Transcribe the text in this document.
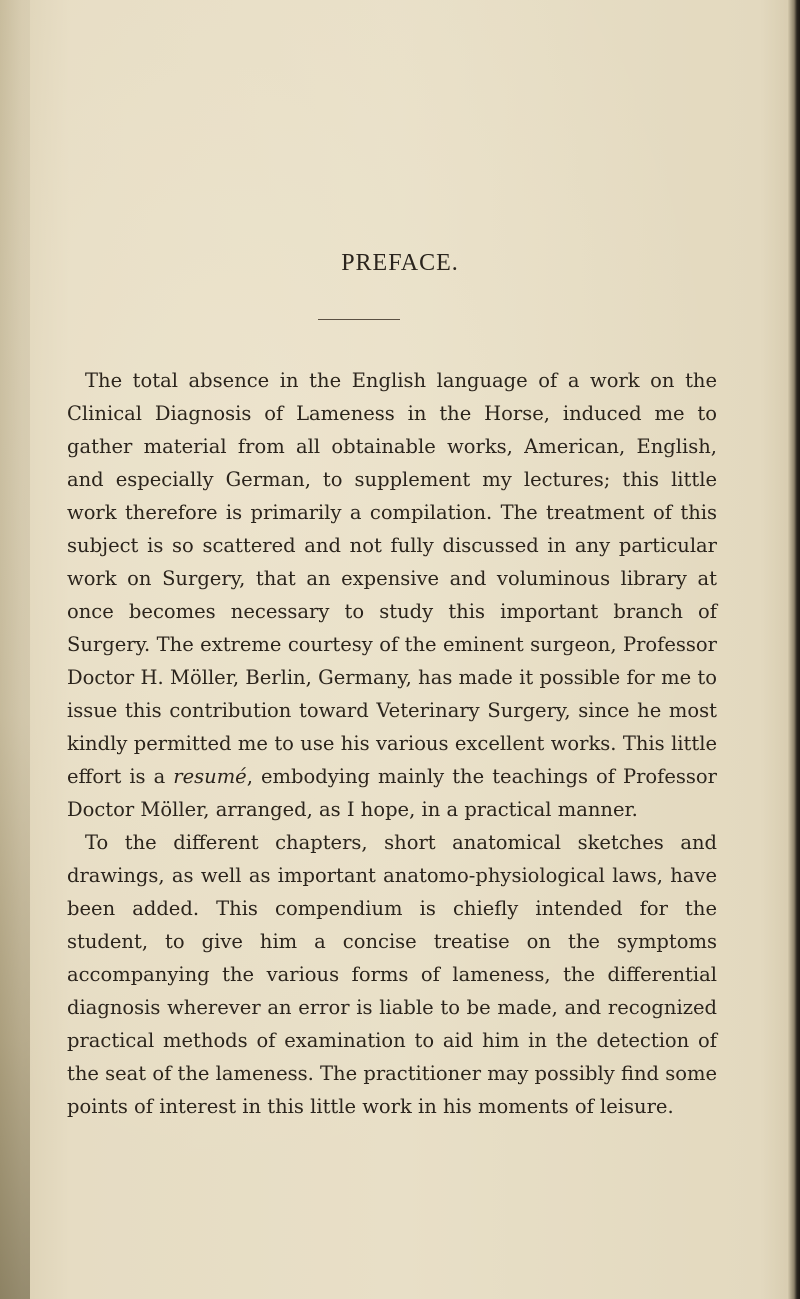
PREFACE.

The total absence in the English language of a work on the Clinical Diagnosis of Lameness in the Horse, induced me to gather material from all obtainable works, American, English, and especially German, to supplement my lectures; this little work therefore is primarily a compilation. The treatment of this subject is so scattered and not fully discussed in any particular work on Surgery, that an expensive and voluminous library at once becomes necessary to study this important branch of Surgery. The extreme courtesy of the eminent surgeon, Professor Doctor H. Möller, Berlin, Germany, has made it possible for me to issue this contribution toward Veterinary Surgery, since he most kindly permitted me to use his various excellent works. This little effort is a resumé, embodying mainly the teachings of Professor Doctor Möller, arranged, as I hope, in a practical manner.

To the different chapters, short anatomical sketches and drawings, as well as important anatomo-physiological laws, have been added. This compendium is chiefly intended for the student, to give him a concise treatise on the symptoms accompanying the various forms of lameness, the differential diagnosis wherever an error is liable to be made, and recognized practical methods of examination to aid him in the detection of the seat of the lameness. The practitioner may possibly find some points of interest in this little work in his moments of leisure.
